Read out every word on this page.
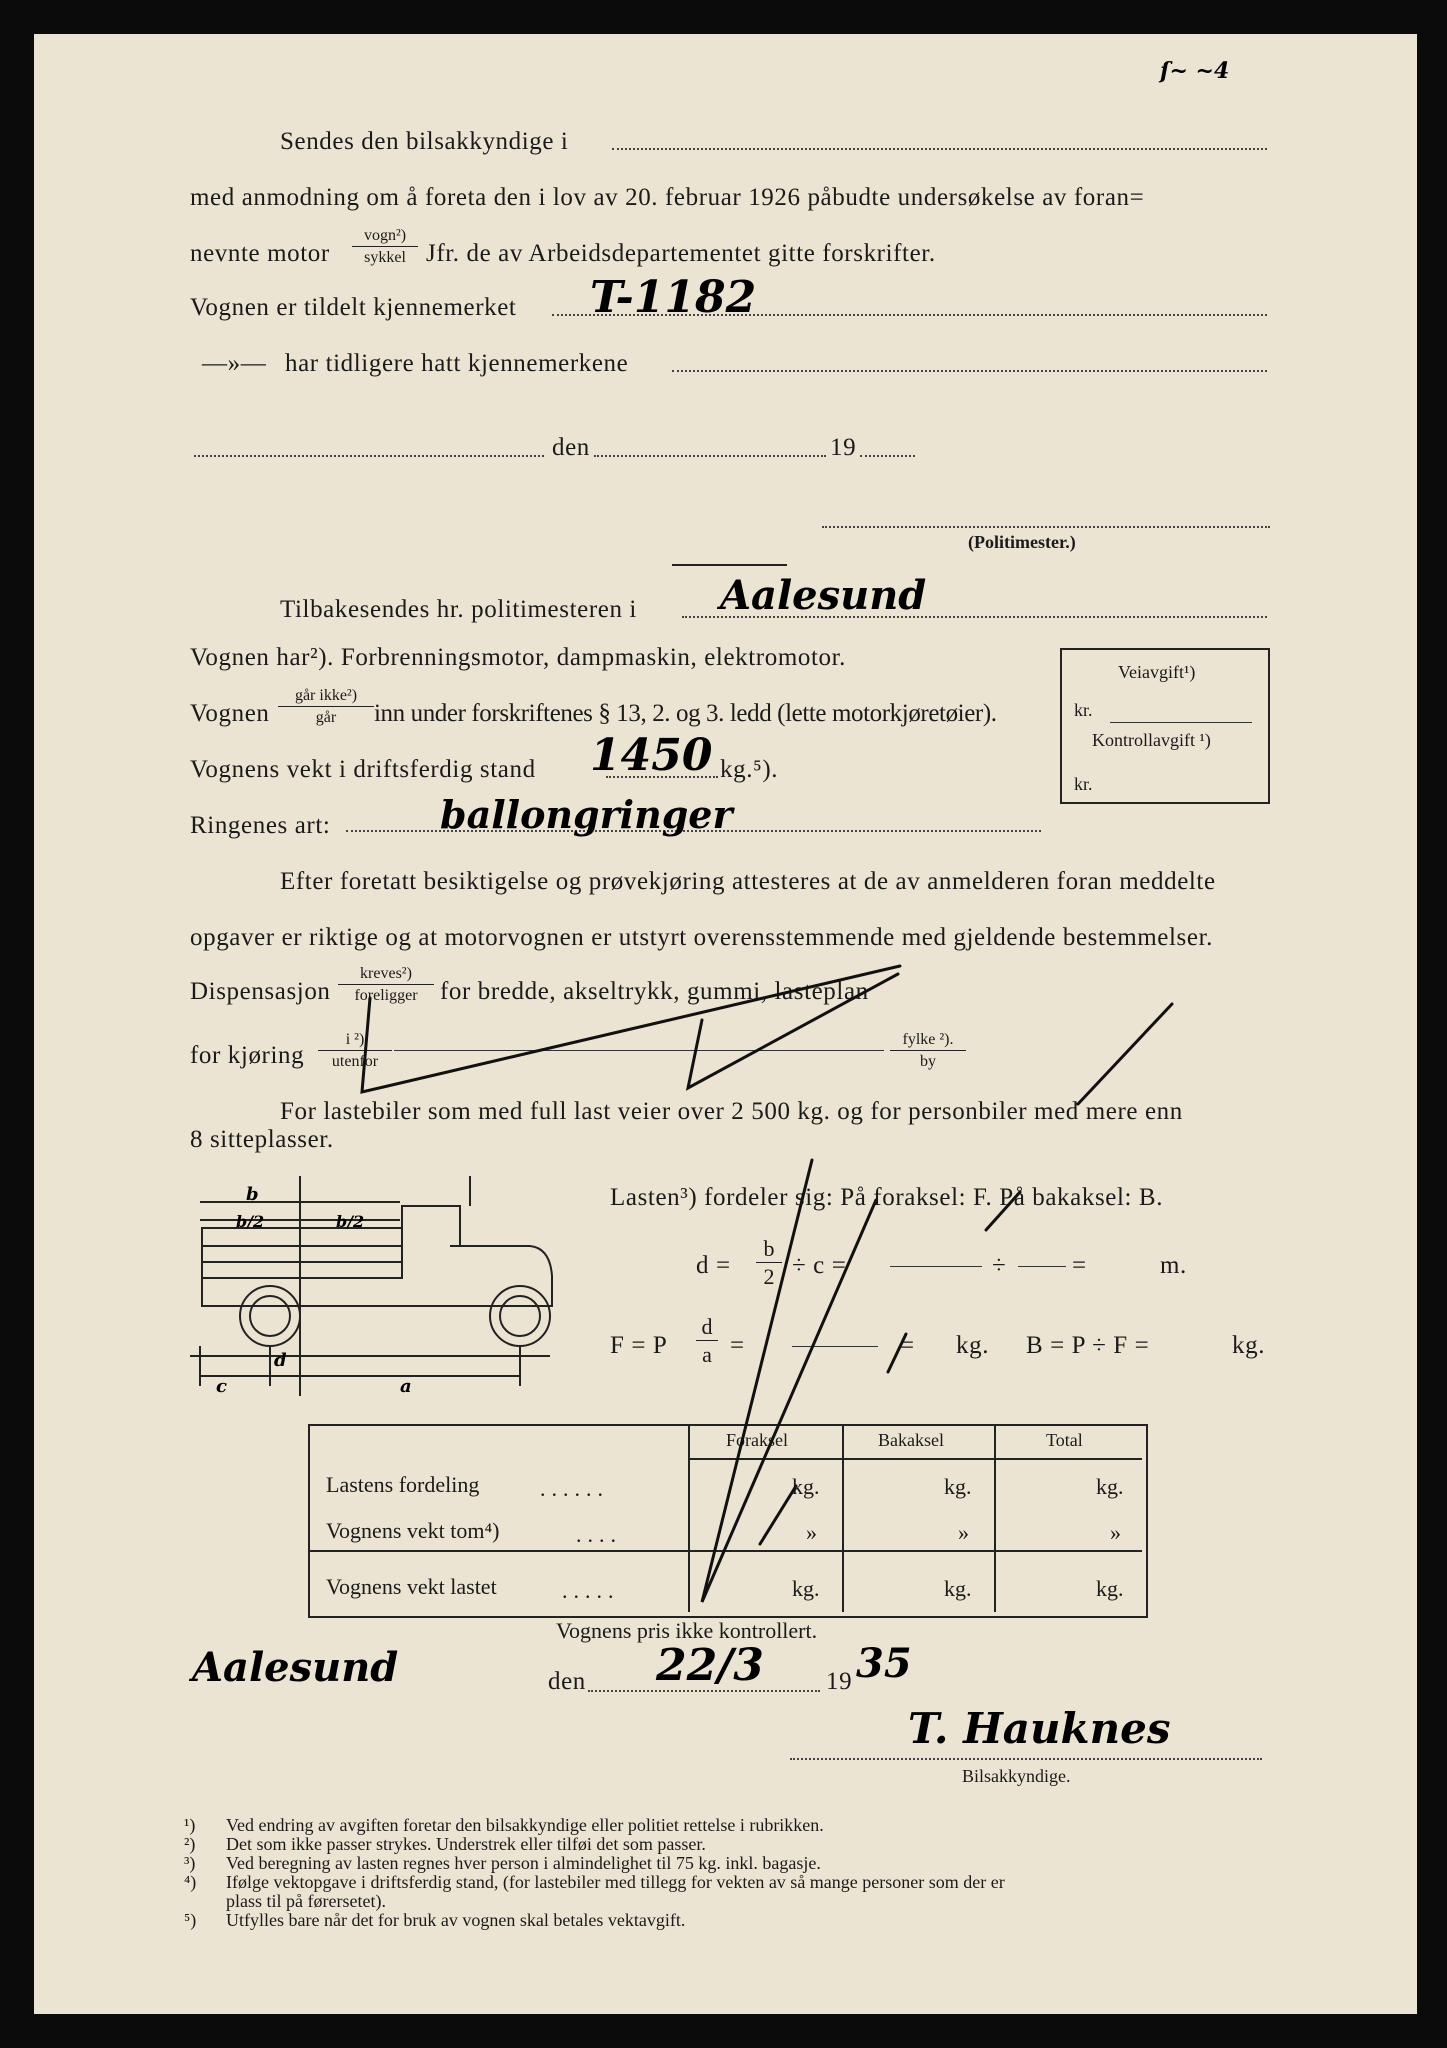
ſ~ ~4
Sendes den bilsakkyndige i
med anmodning om å foreta den i lov av 20. februar 1926 påbudte undersøkelse av foran=
nevnte motor
vogn²)
sykkel Jfr. de av Arbeidsdepartementet gitte forskrifter.
Vognen er tildelt kjennemerket T-1182
—»— har tidligere hatt kjennemerkene
den	19
(Politimester.)
Tilbakesendes hr. politimesteren i Aalesund
Vognen har²). Forbrenningsmotor, dampmaskin, elektromotor.
Veiavgift¹)
kr.
Kontrollavgift ¹)
kr.
Vognen
går ikke²)
går	inn under forskriftenes § 13, 2. og 3. ledd (lette motorkjøretøier).
Vognens vekt i driftsferdig stand 1450 kg.⁵).
Ringenes art:	ballongringer
Efter foretatt besiktigelse og prøvekjøring attesteres at de av anmelderen foran meddelte
opgaver er riktige og at motorvognen er utstyrt overensstemmende med gjeldende bestemmelser.
Dispensasjon
kreves²)
foreligger for bredde, akseltrykk, gummi, lasteplan
for kjøring
i ²)
utenfor
fylke ²).
by
For lastebiler som med full last veier over 2 500 kg. og for personbiler med mere enn
8 sitteplasser.
b
b/2	b/2
c
d
a
Lasten³) fordeler sig: På foraksel: F. På bakaksel: B.
$d = \frac{b}{2} \div c$ =	÷	=	m.
F = P $\frac{d}{a}$ =	= kg. B = P ÷ F =	kg.
Foraksel	Bakaksel	Total
Lastens fordeling	......	kg.	kg.	kg.
Vognens vekt tom⁴)	....	»	»	»
Vognens vekt lastet	.....	kg.	kg.	kg.
Vognens pris ikke kontrollert.
Aalesund	den 22/3 19 35
T. Hauknes
Bilsakkyndige.
¹) Ved endring av avgiften foretar den bilsakkyndige eller politiet rettelse i rubrikken.
²) Det som ikke passer strykes. Understrek eller tilføi det som passer.
³) Ved beregning av lasten regnes hver person i almindelighet til 75 kg. inkl. bagasje.
⁴) Ifølge vektopgave i driftsferdig stand, (for lastebiler med tillegg for vekten av så mange personer som der er
plass til på førersetet).
⁵) Utfylles bare når det for bruk av vognen skal betales vektavgift.
